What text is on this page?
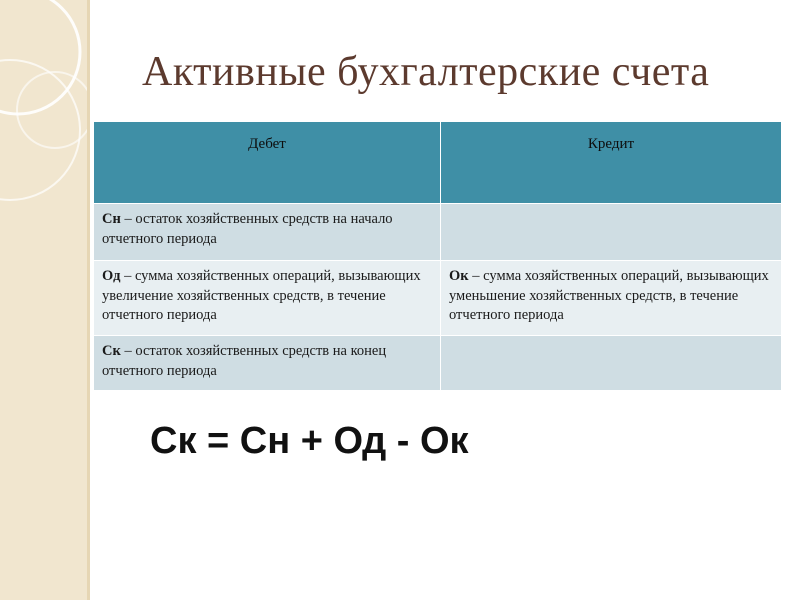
Активные бухгалтерские счета
Дебет	Кредит
Сн – остаток хозяйственных средств на начало отчетного периода	
Од – сумма хозяйственных операций, вызывающих увеличение хозяйственных средств, в течение отчетного периода	Ок – сумма хозяйственных операций, вызывающих уменьшение хозяйственных средств, в течение отчетного периода
Ск – остаток хозяйственных средств на конец отчетного периода	
Ск = Сн + Од - Ок
